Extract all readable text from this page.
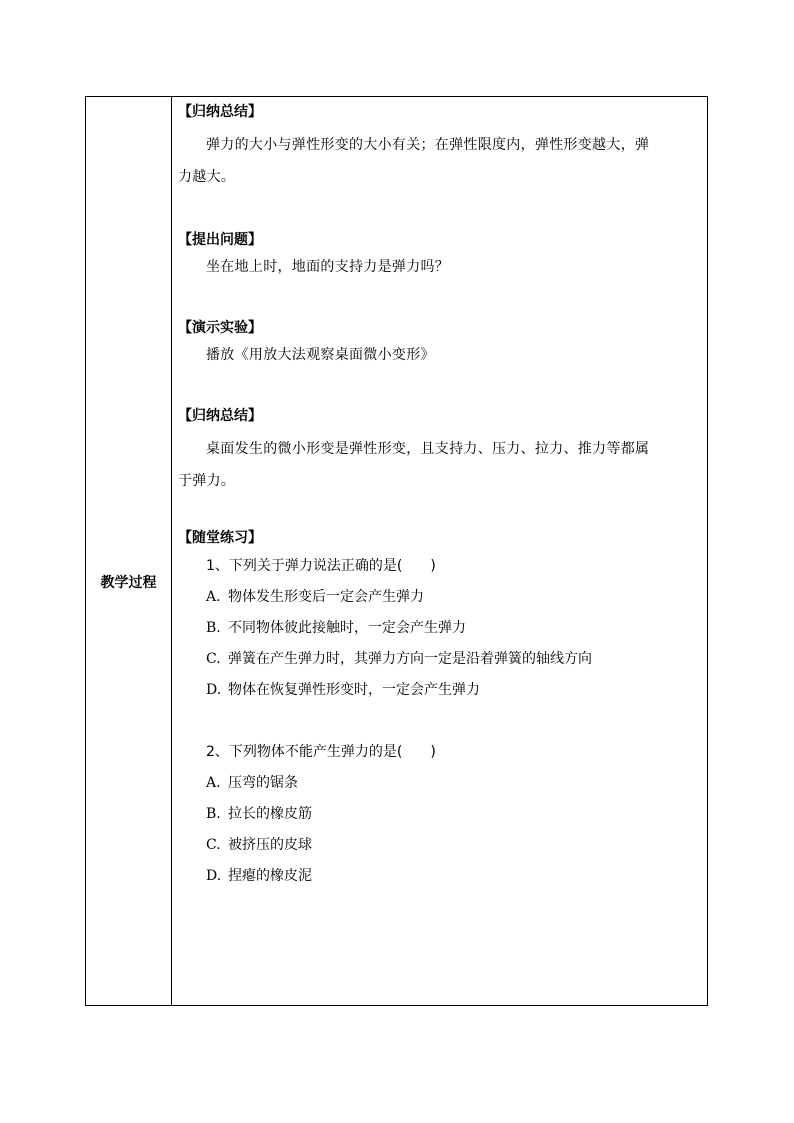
教学过程

【归纳总结】

弹力的大小与弹性形变的大小有关；在弹性限度内，弹性形变越大，弹

力越大。

【提出问题】

坐在地上时，地面的支持力是弹力吗？

【演示实验】

播放《用放大法观察桌面微小变形》

【归纳总结】

桌面发生的微小形变是弹性形变，且支持力、压力、拉力、推力等都属

于弹力。

【随堂练习】

1、下列关于弹力说法正确的是(　　)

A. 物体发生形变后一定会产生弹力

B. 不同物体彼此接触时，一定会产生弹力

C. 弹簧在产生弹力时，其弹力方向一定是沿着弹簧的轴线方向

D. 物体在恢复弹性形变时，一定会产生弹力

2、下列物体不能产生弹力的是(　　)

A. 压弯的锯条

B. 拉长的橡皮筋

C. 被挤压的皮球

D. 捏瘪的橡皮泥
